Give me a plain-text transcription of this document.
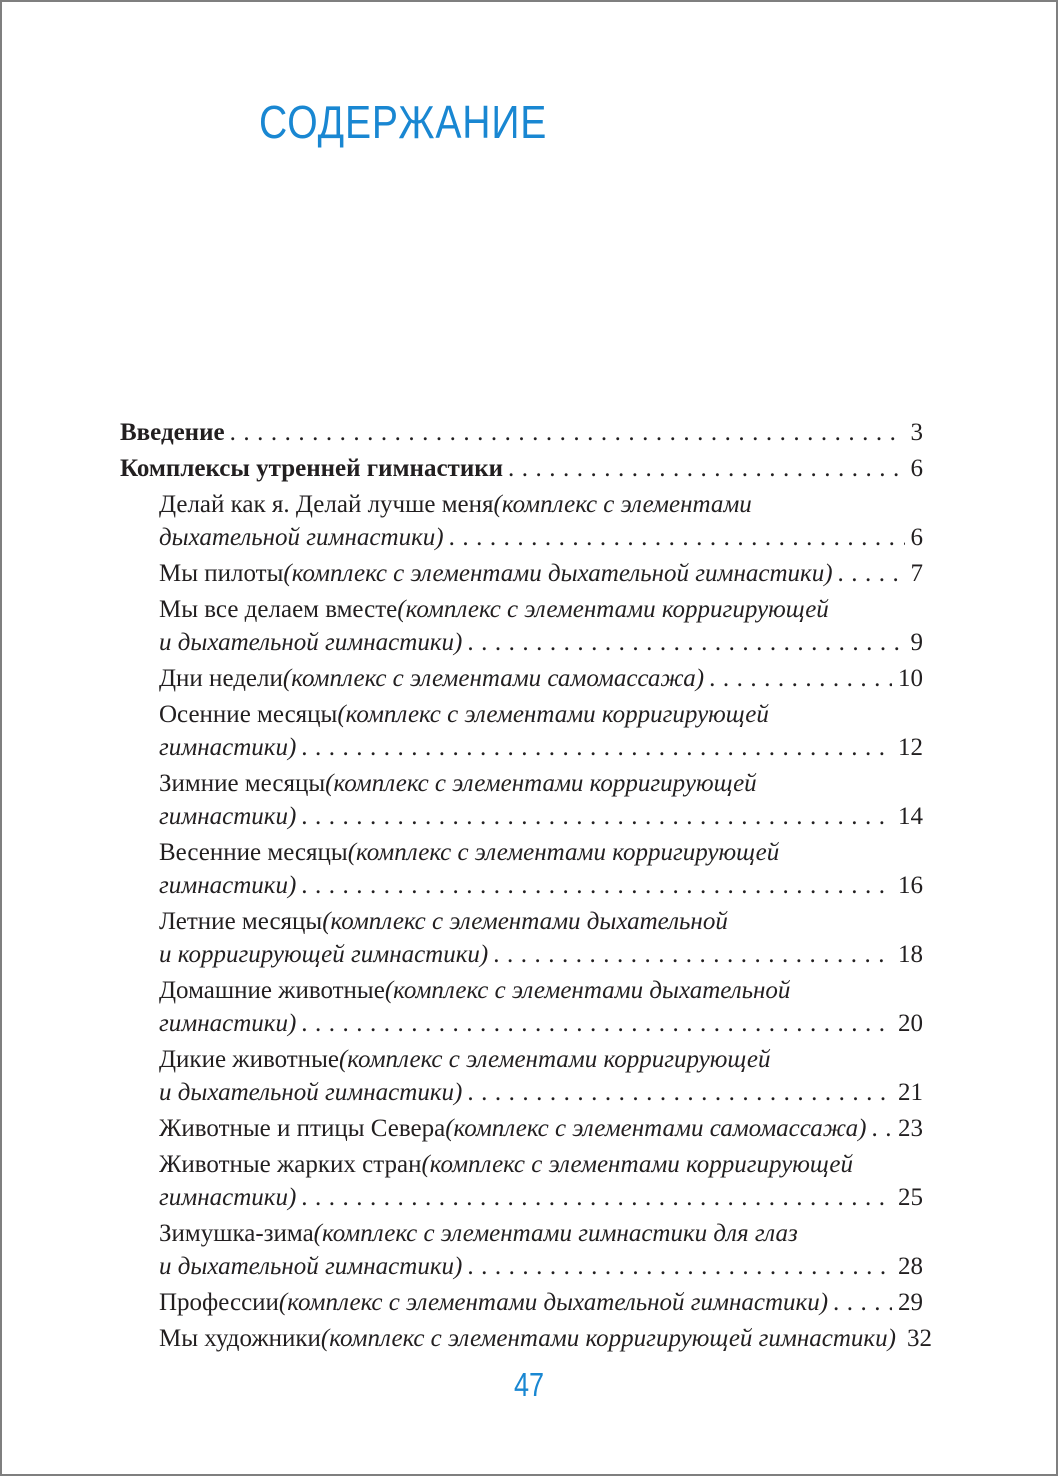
СОДЕРЖАНИЕ
Введение .....	3
Комплексы утренней гимнастики .....	6
Делай как я. Делай лучше меня (комплекс с элементами
дыхательной гимнастики) .....	6
Мы пилоты (комплекс с элементами дыхательной гимнастики) .....	7
Мы все делаем вместе (комплекс с элементами корригирующей
и дыхательной гимнастики) .....	9
Дни недели (комплекс с элементами самомассажа) .....	10
Осенние месяцы (комплекс с элементами корригирующей
гимнастики) .....	12
Зимние месяцы (комплекс с элементами корригирующей
гимнастики) .....	14
Весенние месяцы (комплекс с элементами корригирующей
гимнастики) .....	16
Летние месяцы (комплекс с элементами дыхательной
и корригирующей гимнастики) .....	18
Домашние животные (комплекс с элементами дыхательной
гимнастики) .....	20
Дикие животные (комплекс с элементами корригирующей
и дыхательной гимнастики) .....	21
Животные и птицы Севера (комплекс с элементами самомассажа) ..... 23
Животные жарких стран (комплекс с элементами корригирующей
гимнастики) .....	25
Зимушка-зима (комплекс с элементами гимнастики для глаз
и дыхательной гимнастики) .....	28
Профессии (комплекс с элементами дыхательной гимнастики) .....	29
Мы художники (комплекс с элементами корригирующей гимнастики) 32
47
